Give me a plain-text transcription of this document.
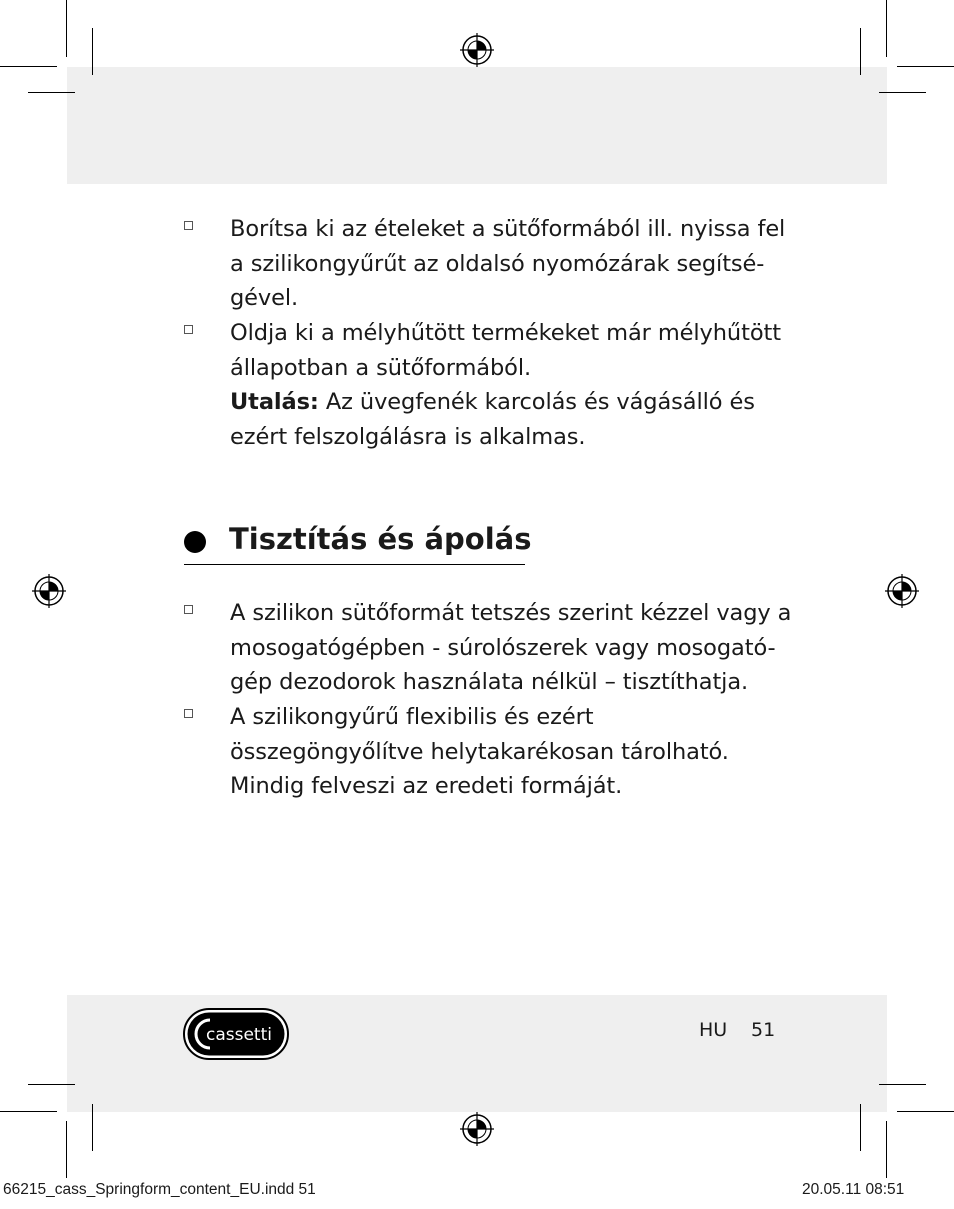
Borítsa ki az ételeket a sütőformából ill. nyissa fel
a szilikongyűrűt az oldalsó nyomózárak segítsé-
gével.
Oldja ki a mélyhűtött termékeket már mélyhűtött
állapotban a sütőformából.
Utalás: Az üvegfenék karcolás és vágásálló és
ezért felszolgálásra is alkalmas.
Tisztítás és ápolás
A szilikon sütőformát tetszés szerint kézzel vagy a
mosogatógépben - súrolószerek vagy mosogató-
gép dezodorok használata nélkül – tisztíthatja.
A szilikongyűrű flexibilis és ezért
összegöngyőlítve helytakarékosan tárolható.
Mindig felveszi az eredeti formáját.
cassetti	HU 51
66215_cass_Springform_content_EU.indd 51	20.05.11 08:51
